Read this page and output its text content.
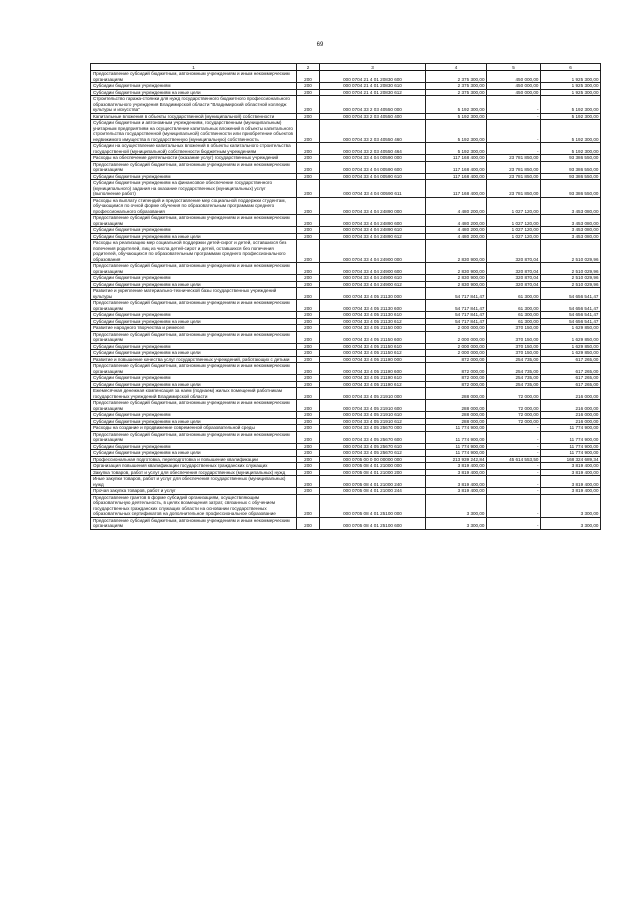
69
1	2	3	4	5	6
Предоставление субсидий бюджетным, автономным учреждениям и иным некоммерческим организациям	200	000 0704 21 4 01 20830 600	2 375 300,00	450 000,00	1 925 300,00
Субсидии бюджетным учреждениям	200	000 0704 21 4 01 20830 610	2 375 300,00	450 000,00	1 925 300,00
Субсидии бюджетным учреждениям на иные цели	200	000 0704 21 4 01 20830 612	2 375 300,00	450 000,00	1 925 300,00
Строительство гаража-стоянки для нужд государственного бюджетного профессионального образовательного учреждения Владимирской области "Владимирский областной колледж культуры и искусства"	200	000 0704 33 2 03 40550 000	5 192 300,00	-	5 192 300,00
Капитальные вложения в объекты государственной (муниципальной) собственности	200	000 0704 33 2 03 40550 400	5 192 300,00	-	5 192 300,00
Субсидии бюджетным и автономным учреждениям, государственным (муниципальным) унитарным предприятиям на осуществление капитальных вложений в объекты капитального строительства государственной (муниципальной) собственности или приобретение объектов недвижимого имущества в государственную (муниципальную) собственность	200	000 0704 33 2 03 40550 460	5 192 300,00	-	5 192 300,00
Субсидии на осуществление капитальных вложений в объекты капитального строительства государственной (муниципальной) собственности бюджетным учреждениям	200	000 0704 33 2 03 40550 464	5 192 300,00	-	5 192 300,00
Расходы на обеспечение деятельности (оказание услуг) государственных учреждений	200	000 0704 33 4 04 00590 000	117 168 400,00	23 781 850,00	93 386 550,00
Предоставление субсидий бюджетным, автономным учреждениям и иным некоммерческим организациям	200	000 0704 33 4 04 00590 600	117 168 400,00	23 781 850,00	93 386 550,00
Субсидии бюджетным учреждениям	200	000 0704 33 4 04 00590 610	117 168 400,00	23 781 850,00	93 386 550,00
Субсидии бюджетным учреждениям на финансовое обеспечение государственного (муниципального) задания на оказание государственных (муниципальных) услуг (выполнение работ)	200	000 0704 33 4 04 00590 611	117 168 400,00	23 781 850,00	93 386 550,00
Расходы на выплату стипендий и предоставление мер социальной поддержки студентам, обучающимся по очной форме обучения по образовательным программам среднего профессионального образования	200	000 0704 33 4 04 24890 000	4 480 200,00	1 027 120,00	3 453 080,00
Предоставление субсидий бюджетным, автономным учреждениям и иным некоммерческим организациям	200	000 0704 33 4 04 24890 600	4 480 200,00	1 027 120,00	3 453 080,00
Субсидии бюджетным учреждениям	200	000 0704 33 4 04 24890 610	4 480 200,00	1 027 120,00	3 453 080,00
Субсидии бюджетным учреждениям на иные цели	200	000 0704 33 4 04 24890 612	4 480 200,00	1 027 120,00	3 453 080,00
Расходы на реализацию мер социальной поддержки детей-сирот и детей, оставшихся без попечения родителей, лиц из числа детей-сирот и детей, оставшихся без попечения родителей, обучающихся по образовательным программам среднего профессионального образования	200	000 0704 33 4 04 24900 000	2 830 900,00	320 870,04	2 510 029,96
Предоставление субсидий бюджетным, автономным учреждениям и иным некоммерческим организациям	200	000 0704 33 4 04 24900 600	2 830 900,00	320 870,04	2 510 029,96
Субсидии бюджетным учреждениям	200	000 0704 33 4 04 24900 610	2 830 900,00	320 870,04	2 510 029,96
Субсидии бюджетным учреждениям на иные цели	200	000 0704 33 4 04 24900 612	2 830 900,00	320 870,04	2 510 029,96
Развитие и укрепление материально-технической базы государственных учреждений культуры	200	000 0704 33 4 05 21130 000	54 717 841,47	61 300,00	54 656 541,47
Предоставление субсидий бюджетным, автономным учреждениям и иным некоммерческим организациям	200	000 0704 33 4 05 21130 600	54 717 841,47	61 300,00	54 656 541,47
Субсидии бюджетным учреждениям	200	000 0704 33 4 05 21130 610	54 717 841,47	61 300,00	54 656 541,47
Субсидии бюджетным учреждениям на иные цели	200	000 0704 33 4 05 21130 612	54 717 841,47	61 300,00	54 656 541,47
Развитие народного творчества и ремесел	200	000 0704 33 4 05 21150 000	2 000 000,00	370 150,00	1 629 850,00
Предоставление субсидий бюджетным, автономным учреждениям и иным некоммерческим организациям	200	000 0704 33 4 05 21150 600	2 000 000,00	370 150,00	1 629 850,00
Субсидии бюджетным учреждениям	200	000 0704 33 4 05 21150 610	2 000 000,00	370 150,00	1 629 850,00
Субсидии бюджетным учреждениям на иные цели	200	000 0704 33 4 05 21150 612	2 000 000,00	370 150,00	1 629 850,00
Развитие и повышение качества услуг государственных учреждений, работающих с детьми	200	000 0704 33 4 05 21190 000	872 000,00	254 735,00	617 265,00
Предоставление субсидий бюджетным, автономным учреждениям и иным некоммерческим организациям	200	000 0704 33 4 05 21190 600	872 000,00	254 735,00	617 265,00
Субсидии бюджетным учреждениям	200	000 0704 33 4 05 21190 610	872 000,00	254 735,00	617 265,00
Субсидии бюджетным учреждениям на иные цели	200	000 0704 33 4 05 21190 612	872 000,00	254 735,00	617 265,00
Ежемесячная денежная компенсация за наем (поднаем) жилых помещений работникам государственных учреждений Владимирской области	200	000 0704 33 4 05 21910 000	288 000,00	72 000,00	216 000,00
Предоставление субсидий бюджетным, автономным учреждениям и иным некоммерческим организациям	200	000 0704 33 4 05 21910 600	288 000,00	72 000,00	216 000,00
Субсидии бюджетным учреждениям	200	000 0704 33 4 05 21910 610	288 000,00	72 000,00	216 000,00
Субсидии бюджетным учреждениям на иные цели	200	000 0704 33 4 05 21910 612	288 000,00	72 000,00	216 000,00
Расходы на создание и продвижение современной образовательной среды	200	000 0704 33 4 05 25670 000	11 774 900,00	-	11 774 900,00
Предоставление субсидий бюджетным, автономным учреждениям и иным некоммерческим организациям	200	000 0704 33 4 05 25670 600	11 774 900,00	-	11 774 900,00
Субсидии бюджетным учреждениям	200	000 0704 33 4 05 25670 610	11 774 900,00	-	11 774 900,00
Субсидии бюджетным учреждениям на иные цели	200	000 0704 33 4 05 25670 612	11 774 900,00	-	11 774 900,00
Профессиональная подготовка, переподготовка и повышение квалификации	200	000 0705 00 0 00 00000 000	213 939 242,84	45 614 553,50	168 324 689,34
Организация повышения квалификации государственных гражданских служащих	200	000 0705 08 4 01 21000 000	3 819 400,00	-	3 819 400,00
Закупка товаров, работ и услуг для обеспечения государственных (муниципальных) нужд	200	000 0705 08 4 01 21000 200	3 819 400,00	-	3 819 400,00
Иные закупки товаров, работ и услуг для обеспечения государственных (муниципальных) нужд	200	000 0705 08 4 01 21000 240	3 819 400,00	-	3 819 400,00
Прочая закупка товаров, работ и услуг	200	000 0705 08 4 01 21000 244	3 819 400,00	-	3 819 400,00
Предоставление грантов в форме субсидий организациям, осуществляющим образовательную деятельность, в целях возмещения затрат, связанных с обучением государственных гражданских служащих области на основании государственных образовательных сертификатов на дополнительное профессиональное образование	200	000 0705 08 4 01 25100 000	3 300,00	-	3 300,00
Предоставление субсидий бюджетным, автономным учреждениям и иным некоммерческим организациям	200	000 0705 08 4 01 25100 600	3 300,00	-	3 300,00
